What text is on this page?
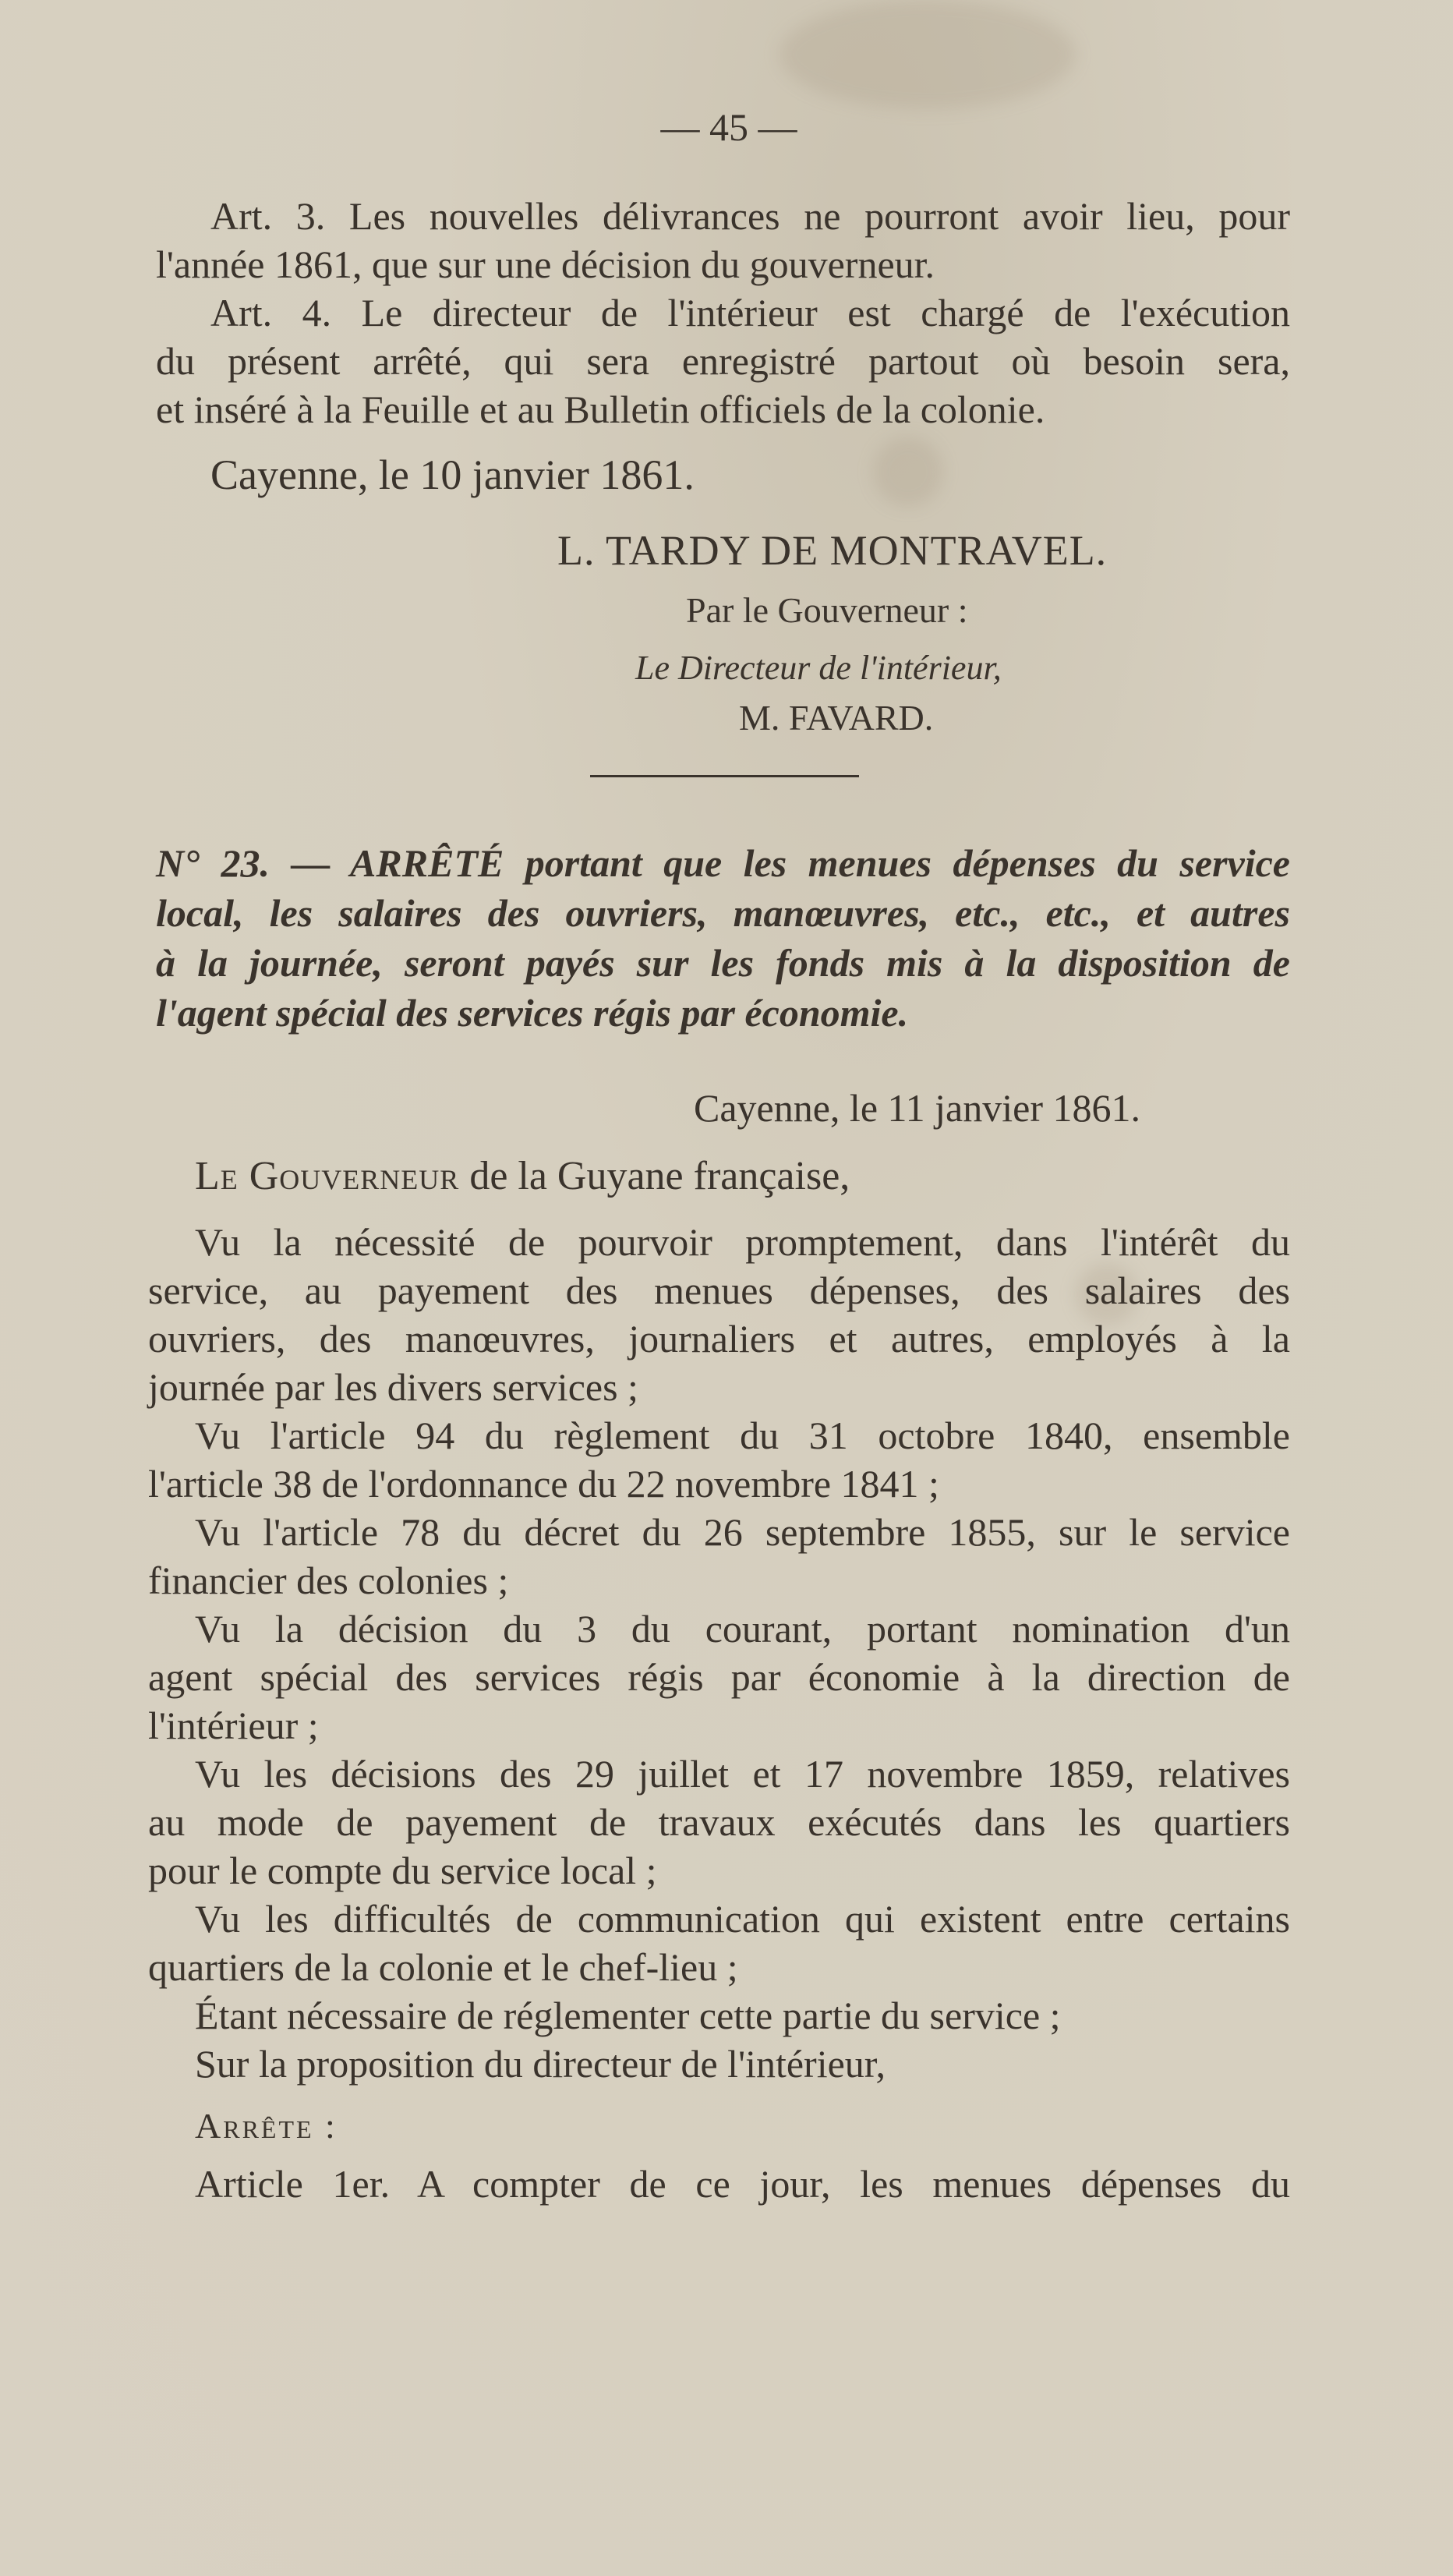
— 45 —
Art. 3. Les nouvelles délivrances ne pourront avoir lieu, pour
l'année 1861, que sur une décision du gouverneur.
Art. 4. Le directeur de l'intérieur est chargé de l'exécution
du présent arrêté, qui sera enregistré partout où besoin sera,
et inséré à la Feuille et au Bulletin officiels de la colonie.
Cayenne, le 10 janvier 1861.
L. TARDY DE MONTRAVEL.
Par le Gouverneur :
Le Directeur de l'intérieur,
M. FAVARD.
N° 23. — ARRÊTÉ portant que les menues dépenses du service
local, les salaires des ouvriers, manœuvres, etc., etc., et autres
à la journée, seront payés sur les fonds mis à la disposition de
l'agent spécial des services régis par économie.
Cayenne, le 11 janvier 1861.
Le Gouverneur de la Guyane française,
Vu la nécessité de pourvoir promptement, dans l'intérêt du
service, au payement des menues dépenses, des salaires des
ouvriers, des manœuvres, journaliers et autres, employés à la
journée par les divers services ;
Vu l'article 94 du règlement du 31 octobre 1840, ensemble
l'article 38 de l'ordonnance du 22 novembre 1841 ;
Vu l'article 78 du décret du 26 septembre 1855, sur le service
financier des colonies ;
Vu la décision du 3 du courant, portant nomination d'un
agent spécial des services régis par économie à la direction de
l'intérieur ;
Vu les décisions des 29 juillet et 17 novembre 1859, relatives
au mode de payement de travaux exécutés dans les quartiers
pour le compte du service local ;
Vu les difficultés de communication qui existent entre certains
quartiers de la colonie et le chef-lieu ;
Étant nécessaire de réglementer cette partie du service ;
Sur la proposition du directeur de l'intérieur,
Arrête :
Article 1er. A compter de ce jour, les menues dépenses du
